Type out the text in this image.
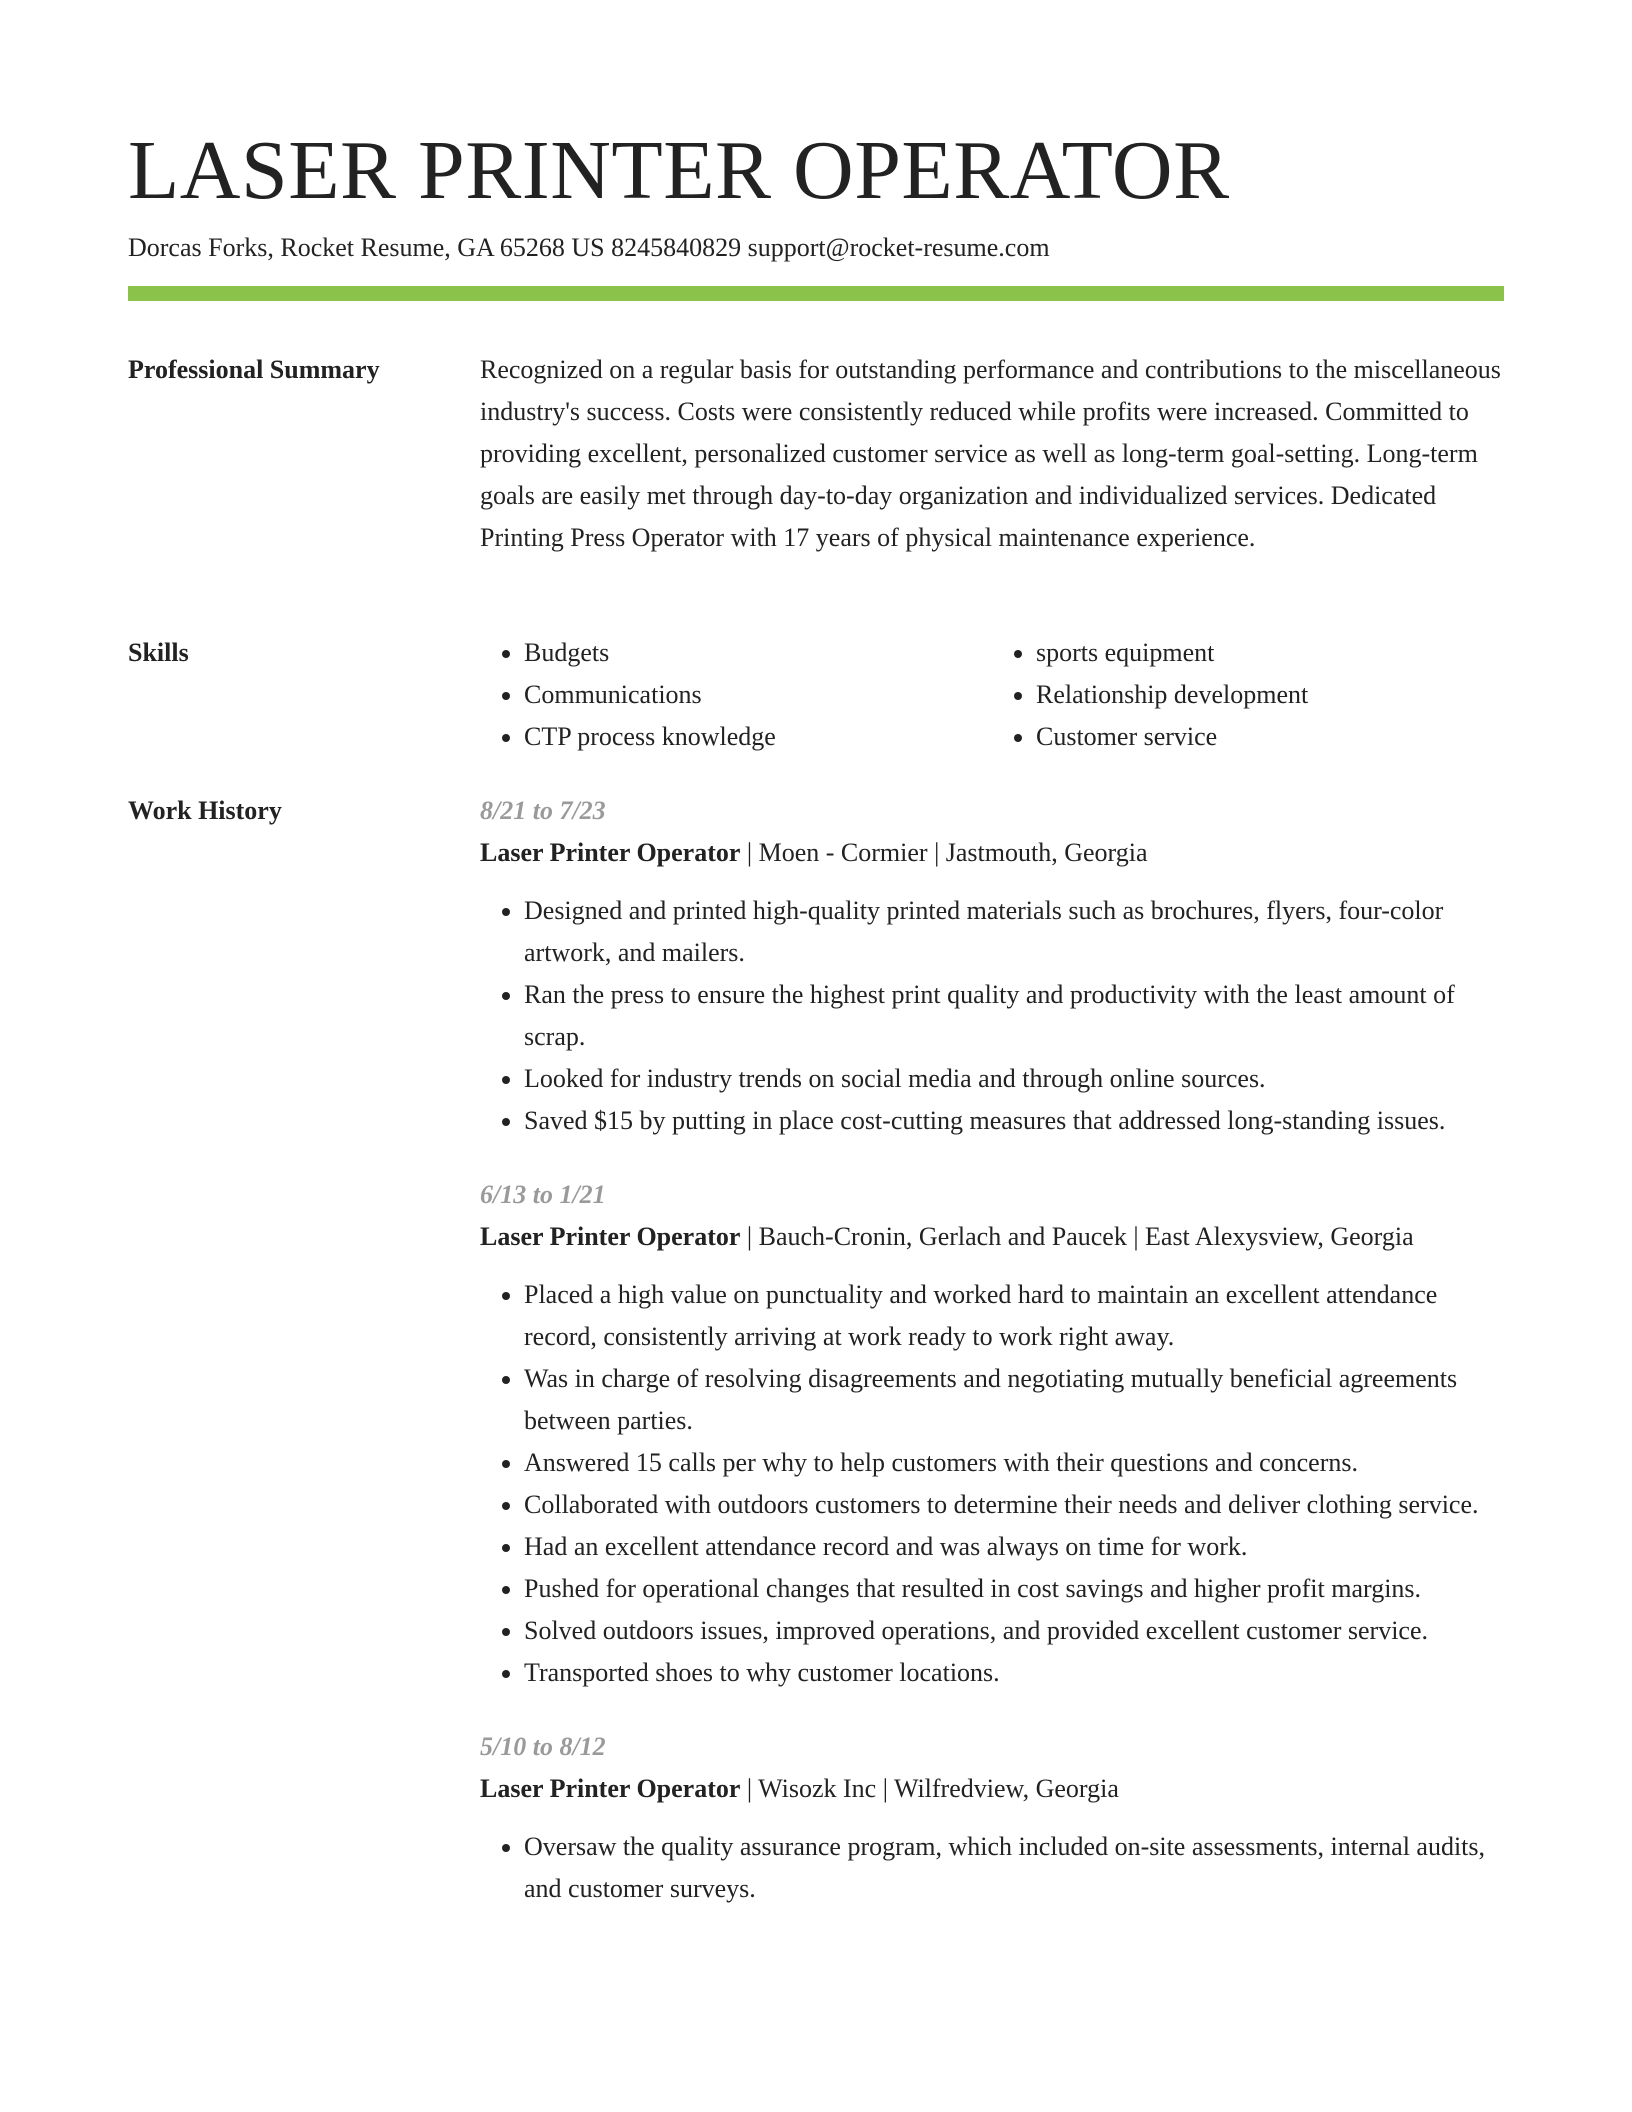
LASER PRINTER OPERATOR
Dorcas Forks, Rocket Resume, GA 65268 US 8245840829 support@rocket-resume.com
Professional Summary	Recognized on a regular basis for outstanding performance and contributions to the miscellaneous industry's success. Costs were consistently reduced while profits were increased. Committed to providing excellent, personalized customer service as well as long-term goal-setting. Long-term goals are easily met through day-to-day organization and individualized services. Dedicated Printing Press Operator with 17 years of physical maintenance experience.

Skills
•	Budgets
• Communications
• CTP process knowledge
• sports equipment
• Relationship development
• Customer service
Work History	8/21 to 7/23
Laser Printer Operator | Moen - Cormier | Jastmouth, Georgia
• Designed and printed high-quality printed materials such as brochures, flyers, four-color artwork, and mailers.
• Ran the press to ensure the highest print quality and productivity with the least amount of scrap.
• Looked for industry trends on social media and through online sources.
• Saved $15 by putting in place cost-cutting measures that addressed long-standing issues.
6/13 to 1/21
Laser Printer Operator | Bauch-Cronin, Gerlach and Paucek | East Alexysview, Georgia
• Placed a high value on punctuality and worked hard to maintain an excellent attendance record, consistently arriving at work ready to work right away.
• Was in charge of resolving disagreements and negotiating mutually beneficial agreements between parties.
• Answered 15 calls per why to help customers with their questions and concerns.
• Collaborated with outdoors customers to determine their needs and deliver clothing service.
• Had an excellent attendance record and was always on time for work.
• Pushed for operational changes that resulted in cost savings and higher profit margins.
• Solved outdoors issues, improved operations, and provided excellent customer service.
• Transported shoes to why customer locations.
5/10 to 8/12
Laser Printer Operator | Wisozk Inc | Wilfredview, Georgia
• Oversaw the quality assurance program, which included on-site assessments, internal audits, and customer surveys.
